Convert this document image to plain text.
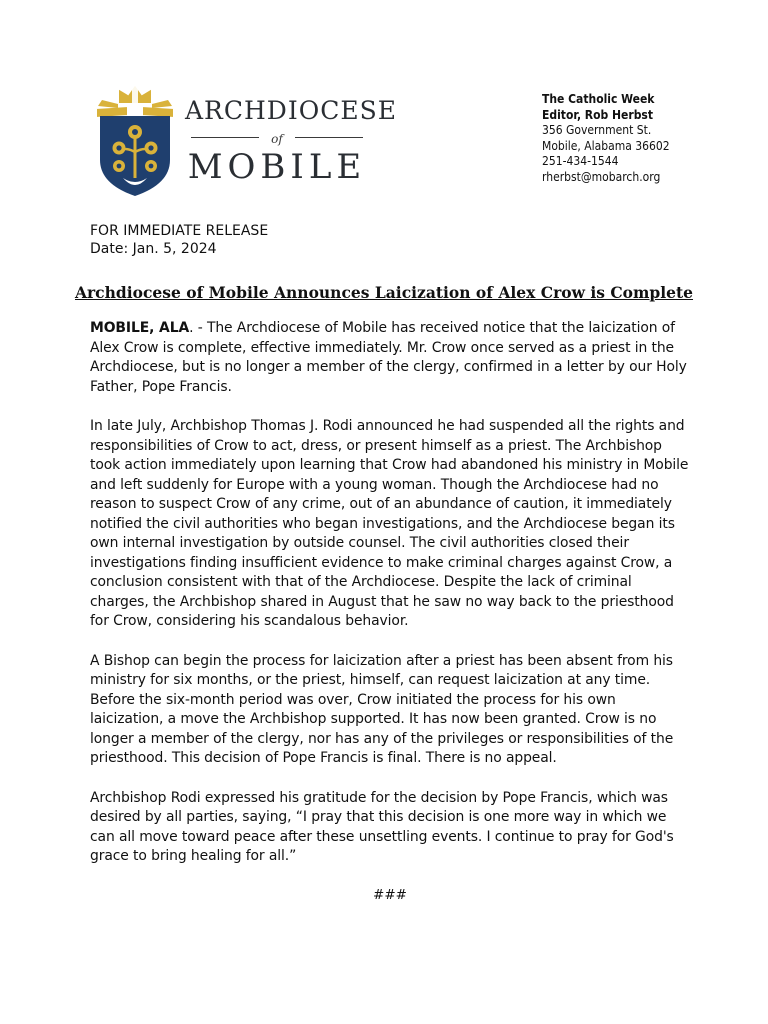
ARCHDIOCESE
of
MOBILE
The Catholic Week
Editor, Rob Herbst
356 Government St.
Mobile, Alabama 36602
251-434-1544
rherbst@mobarch.org
FOR IMMEDIATE RELEASE
Date: Jan. 5, 2024
Archdiocese of Mobile Announces Laicization of Alex Crow is Complete

MOBILE, ALA. - The Archdiocese of Mobile has received notice that the laicization of Alex Crow is complete, effective immediately. Mr. Crow once served as a priest in the Archdiocese, but is no longer a member of the clergy, confirmed in a letter by our Holy Father, Pope Francis.

In late July, Archbishop Thomas J. Rodi announced he had suspended all the rights and responsibilities of Crow to act, dress, or present himself as a priest. The Archbishop took action immediately upon learning that Crow had abandoned his ministry in Mobile and left suddenly for Europe with a young woman. Though the Archdiocese had no reason to suspect Crow of any crime, out of an abundance of caution, it immediately notified the civil authorities who began investigations, and the Archdiocese began its own internal investigation by outside counsel. The civil authorities closed their investigations finding insufficient evidence to make criminal charges against Crow, a conclusion consistent with that of the Archdiocese. Despite the lack of criminal charges, the Archbishop shared in August that he saw no way back to the priesthood for Crow, considering his scandalous behavior.

A Bishop can begin the process for laicization after a priest has been absent from his ministry for six months, or the priest, himself, can request laicization at any time. Before the six-month period was over, Crow initiated the process for his own laicization, a move the Archbishop supported. It has now been granted. Crow is no longer a member of the clergy, nor has any of the privileges or responsibilities of the priesthood. This decision of Pope Francis is final. There is no appeal.

Archbishop Rodi expressed his gratitude for the decision by Pope Francis, which was desired by all parties, saying, “I pray that this decision is one more way in which we can all move toward peace after these unsettling events. I continue to pray for God's grace to bring healing for all.”

###
